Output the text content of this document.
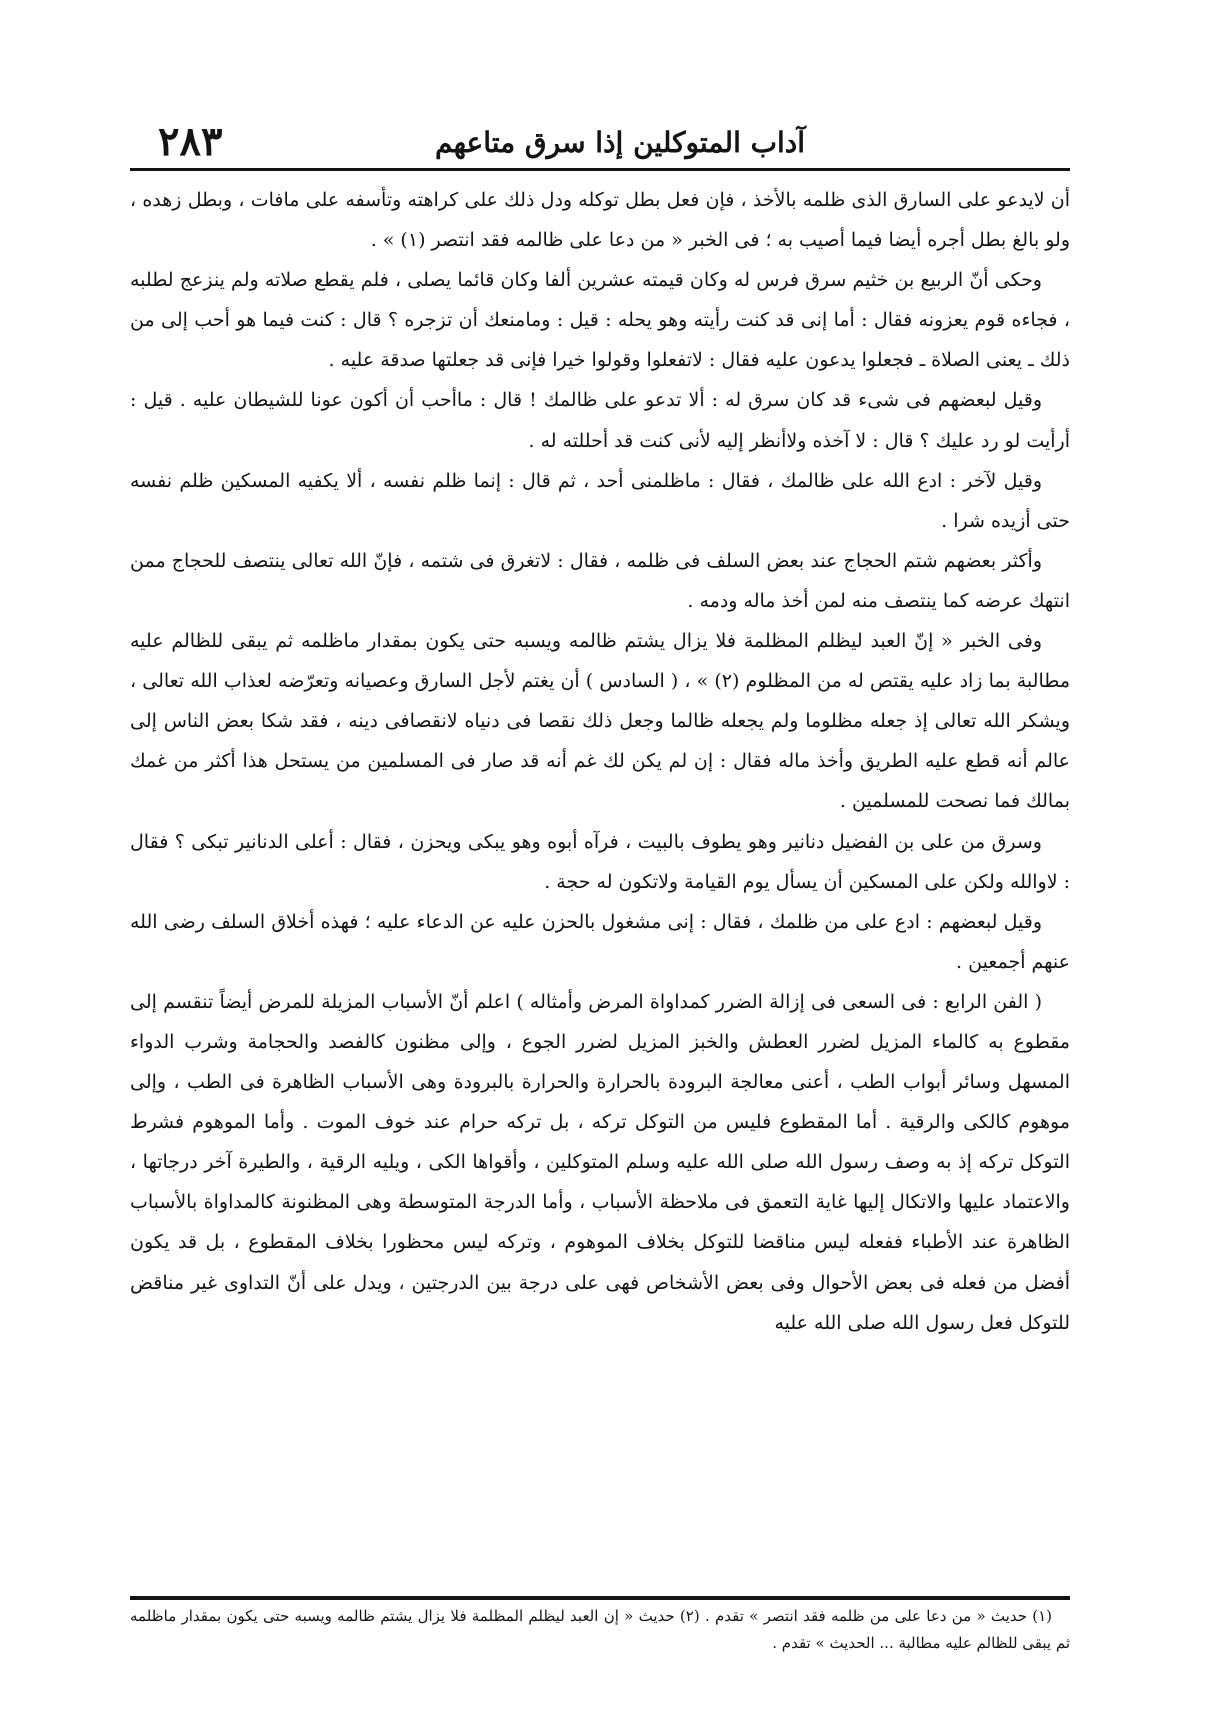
آداب المتوكلين إذا سرق متاعهم
٢٨٣

أن لايدعو على السارق الذى ظلمه بالأخذ ، فإن فعل بطل توكله ودل ذلك على كراهته وتأسفه على مافات ، وبطل زهده ، ولو بالغ بطل أجره أيضا فيما أصيب به ؛ فى الخبر « من دعا على ظالمه فقد انتصر (١) » .

وحكى أنّ الربيع بن خثيم سرق فرس له وكان قيمته عشرين ألفا وكان قائما يصلى ، فلم يقطع صلاته ولم ينزعج لطلبه ، فجاءه قوم يعزونه فقال : أما إنى قد كنت رأيته وهو يحله : قيل : ومامنعك أن تزجره ؟ قال : كنت فيما هو أحب إلى من ذلك ـ يعنى الصلاة ـ فجعلوا يدعون عليه فقال : لاتفعلوا وقولوا خيرا فإنى قد جعلتها صدقة عليه .

وقيل لبعضهم فى شىء قد كان سرق له : ألا تدعو على ظالمك ! قال : ماأحب أن أكون عونا للشيطان عليه . قيل : أرأيت لو رد عليك ؟ قال : لا آخذه ولاأنظر إليه لأنى كنت قد أحللته له .

وقيل لآخر : ادع الله على ظالمك ، فقال : ماظلمنى أحد ، ثم قال : إنما ظلم نفسه ، ألا يكفيه المسكين ظلم نفسه حتى أزيده شرا .

وأكثر بعضهم شتم الحجاج عند بعض السلف فى ظلمه ، فقال : لاتغرق فى شتمه ، فإنّ الله تعالى ينتصف للحجاج ممن انتهك عرضه كما ينتصف منه لمن أخذ ماله ودمه .

وفى الخبر « إنّ العبد ليظلم المظلمة فلا يزال يشتم ظالمه ويسبه حتى يكون بمقدار ماظلمه ثم يبقى للظالم عليه مطالبة بما زاد عليه يقتص له من المظلوم (٢) » ، ( السادس ) أن يغتم لأجل السارق وعصيانه وتعرّضه لعذاب الله تعالى ، ويشكر الله تعالى إذ جعله مظلوما ولم يجعله ظالما وجعل ذلك نقصا فى دنياه لانقصافى دينه ، فقد شكا بعض الناس إلى عالم أنه قطع عليه الطريق وأخذ ماله فقال : إن لم يكن لك غم أنه قد صار فى المسلمين من يستحل هذا أكثر من غمك بمالك فما نصحت للمسلمين .

وسرق من على بن الفضيل دنانير وهو يطوف بالبيت ، فرآه أبوه وهو يبكى ويحزن ، فقال : أعلى الدنانير تبكى ؟ فقال : لاوالله ولكن على المسكين أن يسأل يوم القيامة ولاتكون له حجة .

وقيل لبعضهم : ادع على من ظلمك ، فقال : إنى مشغول بالحزن عليه عن الدعاء عليه ؛ فهذه أخلاق السلف رضى الله عنهم أجمعين .

( الفن الرابع : فى السعى فى إزالة الضرر كمداواة المرض وأمثاله ) اعلم أنّ الأسباب المزيلة للمرض أيضاً تنقسم إلى مقطوع به كالماء المزيل لضرر العطش والخبز المزيل لضرر الجوع ، وإلى مظنون كالفصد والحجامة وشرب الدواء المسهل وسائر أبواب الطب ، أعنى معالجة البرودة بالحرارة والحرارة بالبرودة وهى الأسباب الظاهرة فى الطب ، وإلى موهوم كالكى والرقية . أما المقطوع فليس من التوكل تركه ، بل تركه حرام عند خوف الموت . وأما الموهوم فشرط التوكل تركه إذ به وصف رسول الله صلى الله عليه وسلم المتوكلين ، وأقواها الكى ، ويليه الرقية ، والطيرة آخر درجاتها ، والاعتماد عليها والاتكال إليها غاية التعمق فى ملاحظة الأسباب ، وأما الدرجة المتوسطة وهى المظنونة كالمداواة بالأسباب الظاهرة عند الأطباء ففعله ليس مناقضا للتوكل بخلاف الموهوم ، وتركه ليس محظورا بخلاف المقطوع ، بل قد يكون أفضل من فعله فى بعض الأحوال وفى بعض الأشخاص فهى على درجة بين الدرجتين ، ويدل على أنّ التداوى غير مناقض للتوكل فعل رسول الله صلى الله عليه

(١) حديث « من دعا على من ظلمه فقد انتصر » تقدم . (٢) حديث « إن العبد ليظلم المظلمة فلا يزال يشتم ظالمه ويسبه حتى يكون بمقدار ماظلمه ثم يبقى للظالم عليه مطالبة ... الحديث » تقدم .
